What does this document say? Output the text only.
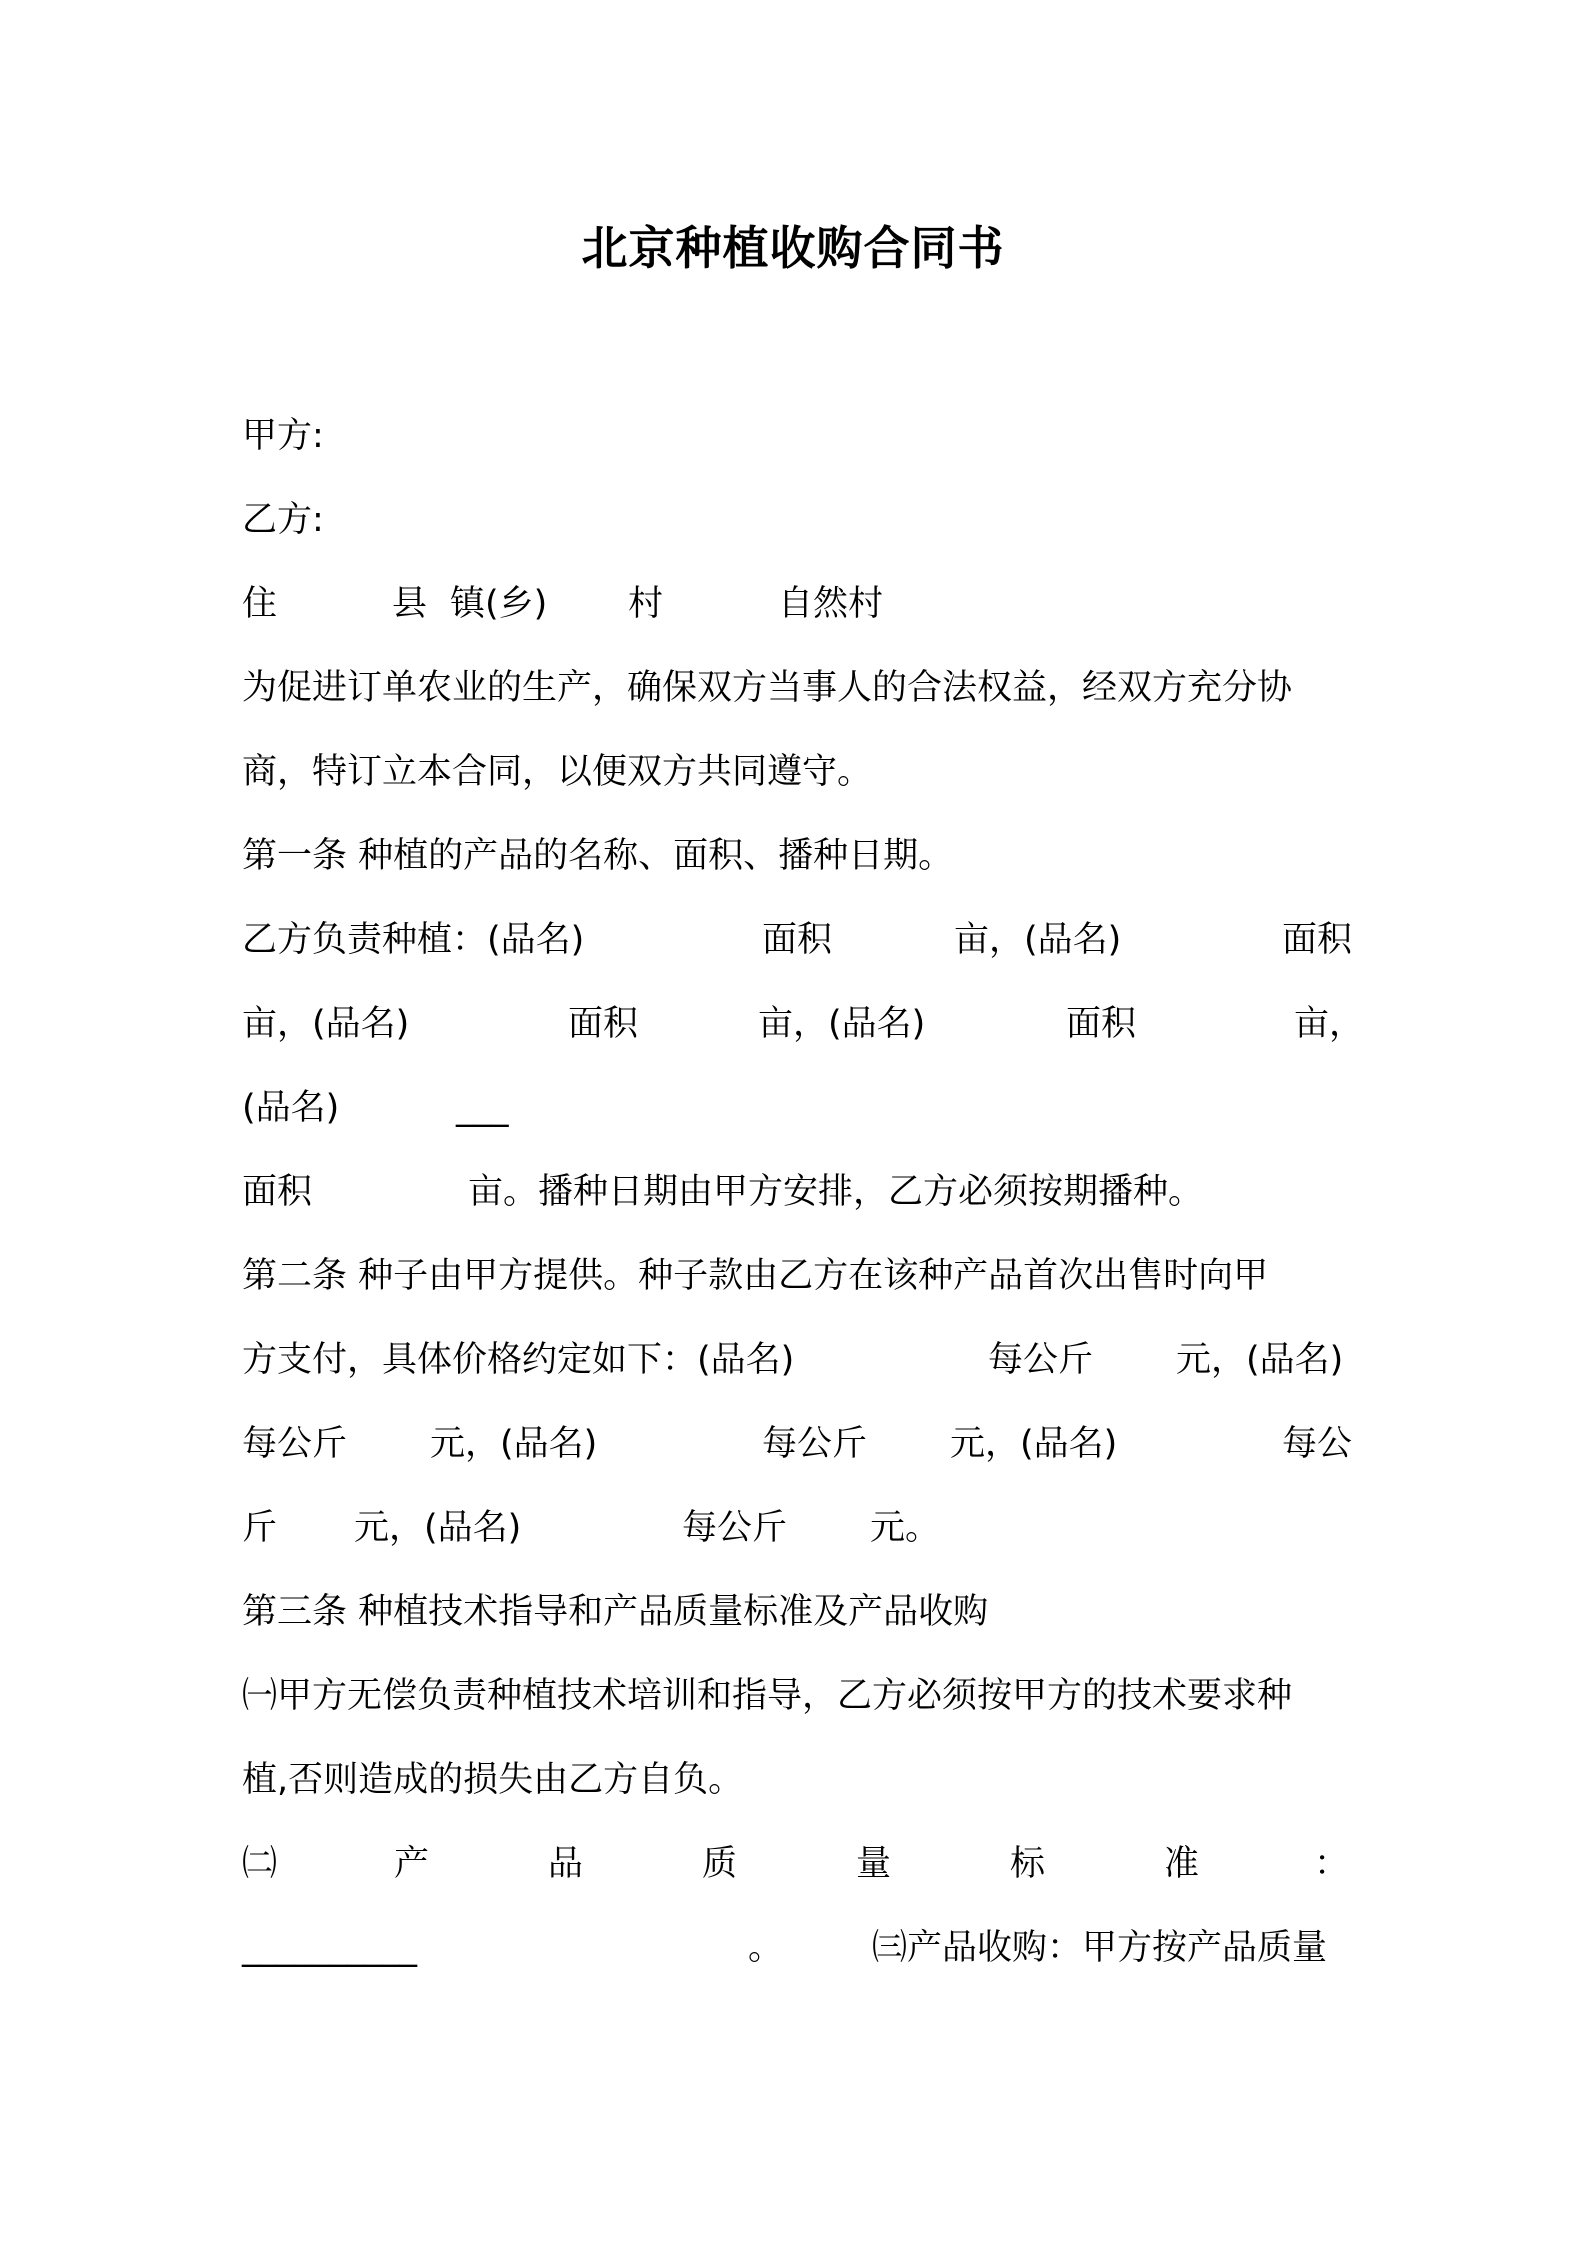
北京种植收购合同书
甲方:
乙方:
住	县 镇(乡) 村	自然村
为促进订单农业的生产，确保双方当事人的合法权益，经双方充分协
商，特订立本合同，以便双方共同遵守。
第一条 种植的产品的名称、面积、播种日期。
乙方负责种植：(品名)	面积	亩，(品名)	面积
亩，(品名)	面积	亩，(品名)	面积	亩，
(品名)	___
面积	亩。播种日期由甲方安排，乙方必须按期播种。
第二条 种子由甲方提供。种子款由乙方在该种产品首次出售时向甲
方支付，具体价格约定如下：(品名)	每公斤 元，(品名)
每公斤 元，(品名)	每公斤 元，(品名)	每公
斤 元，(品名)	每公斤 元。
第三条 种植技术指导和产品质量标准及产品收购
㈠甲方无偿负责种植技术培训和指导，乙方必须按甲方的技术要求种
植,否则造成的损失由乙方自负。
㈡	产	品	质	量	标	准	：
__________	。	㈢产品收购：甲方按产品质量
